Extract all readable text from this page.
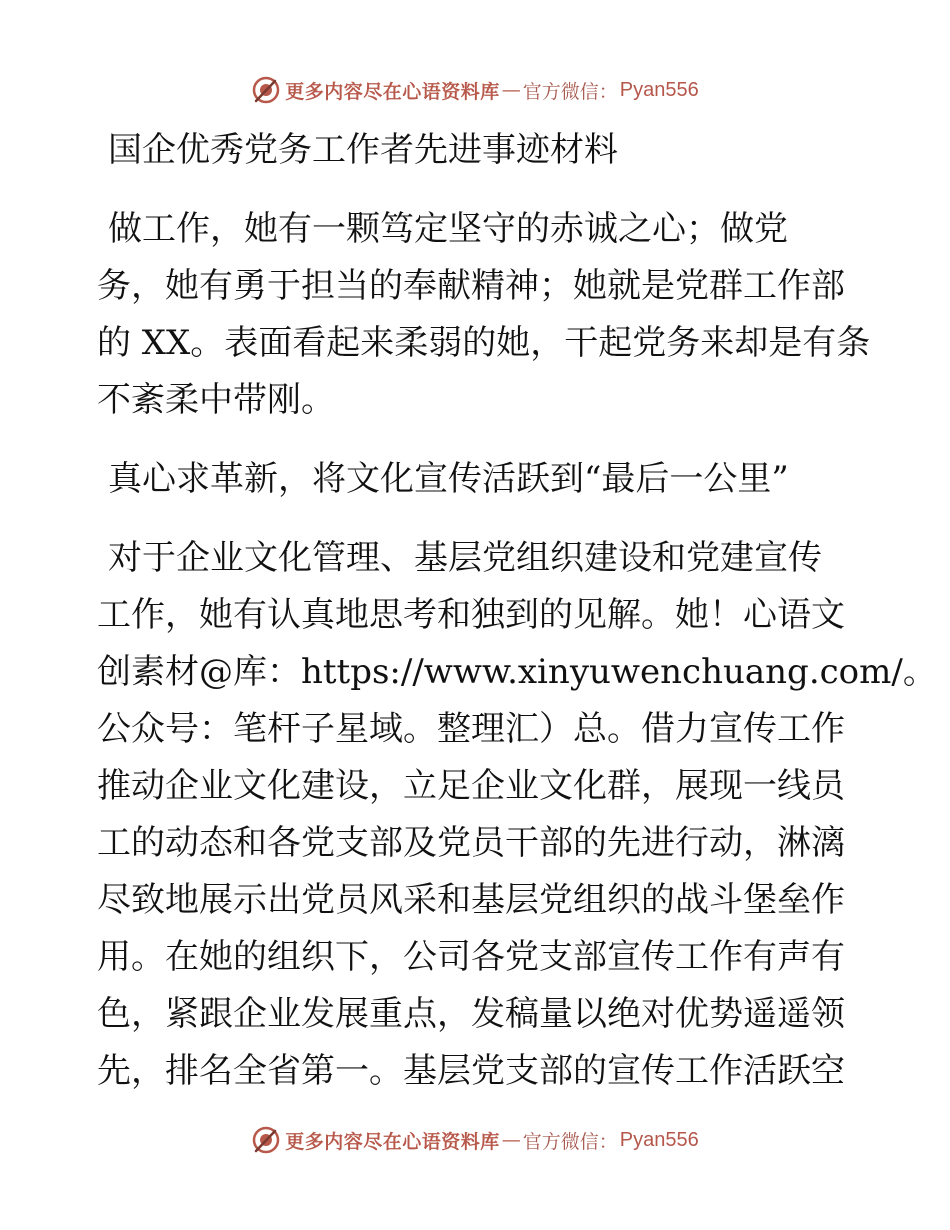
更多内容尽在心语资料库 — 官方微信： Pyan556
国企优秀党务工作者先进事迹材料
做工作，她有一颗笃定坚守的赤诚之心；做党
务，她有勇于担当的奉献精神；她就是党群工作部
的 XX。表面看起来柔弱的她，干起党务来却是有条
不紊柔中带刚。
真心求革新，将文化宣传活跃到“最后一公里”
对于企业文化管理、基层党组织建设和党建宣传
工作，她有认真地思考和独到的见解。她！心语文
创素材@库：https://www.xinyuwenchuang.com/。
公众号：笔杆子星域。整理汇）总。借力宣传工作
推动企业文化建设，立足企业文化群，展现一线员
工的动态和各党支部及党员干部的先进行动，淋漓
尽致地展示出党员风采和基层党组织的战斗堡垒作
用。在她的组织下，公司各党支部宣传工作有声有
色，紧跟企业发展重点，发稿量以绝对优势遥遥领
先，排名全省第一。基层党支部的宣传工作活跃空
更多内容尽在心语资料库 — 官方微信： Pyan556
